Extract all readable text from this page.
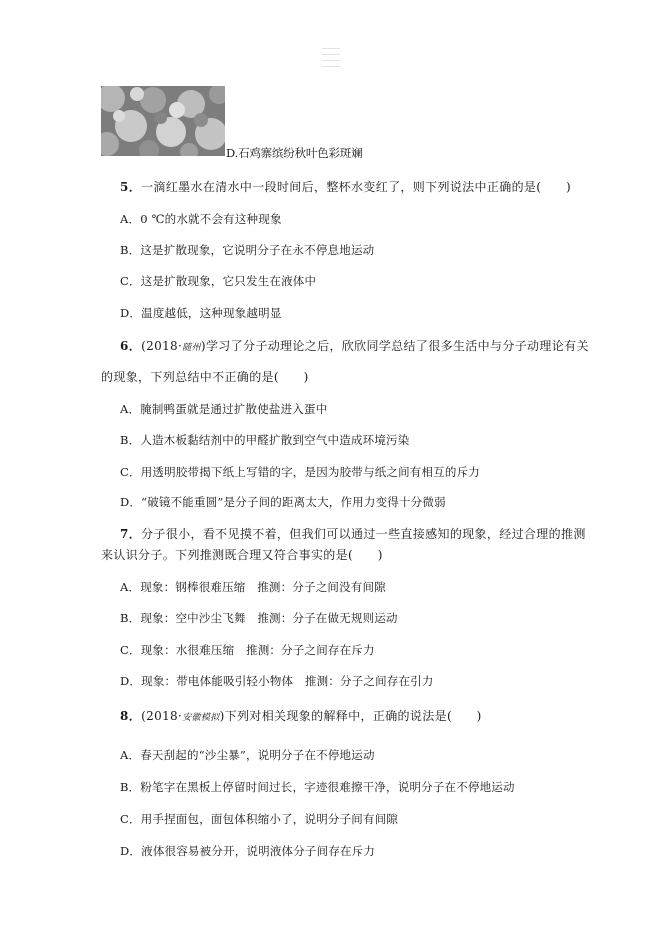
D.石鸡寨缤纷秋叶色彩斑斓
5．一滴红墨水在清水中一段时间后，整杯水变红了，则下列说法中正确的是(　　)
A．0 ℃的水就不会有这种现象
B．这是扩散现象，它说明分子在永不停息地运动
C．这是扩散现象，它只发生在液体中
D．温度越低，这种现象越明显
6．(2018·随州)学习了分子动理论之后，欣欣同学总结了很多生活中与分子动理论有关
的现象，下列总结中不正确的是(　　)
A．腌制鸭蛋就是通过扩散使盐进入蛋中
B．人造木板黏结剂中的甲醛扩散到空气中造成环境污染
C．用透明胶带揭下纸上写错的字，是因为胶带与纸之间有相互的斥力
D．“破镜不能重圆”是分子间的距离太大，作用力变得十分微弱
7．分子很小，看不见摸不着，但我们可以通过一些直接感知的现象，经过合理的推测
来认识分子。下列推测既合理又符合事实的是(　　)
A．现象：钢棒很难压缩　推测：分子之间没有间隙
B．现象：空中沙尘飞舞　推测：分子在做无规则运动
C．现象：水很难压缩　推测：分子之间存在斥力
D．现象：带电体能吸引轻小物体　推测：分子之间存在引力
8．(2018·安徽模拟)下列对相关现象的解释中，正确的说法是(　　)
A．春天刮起的“沙尘暴”，说明分子在不停地运动
B．粉笔字在黑板上停留时间过长，字迹很难擦干净，说明分子在不停地运动
C．用手捏面包，面包体积缩小了，说明分子间有间隙
D．液体很容易被分开，说明液体分子间存在斥力
